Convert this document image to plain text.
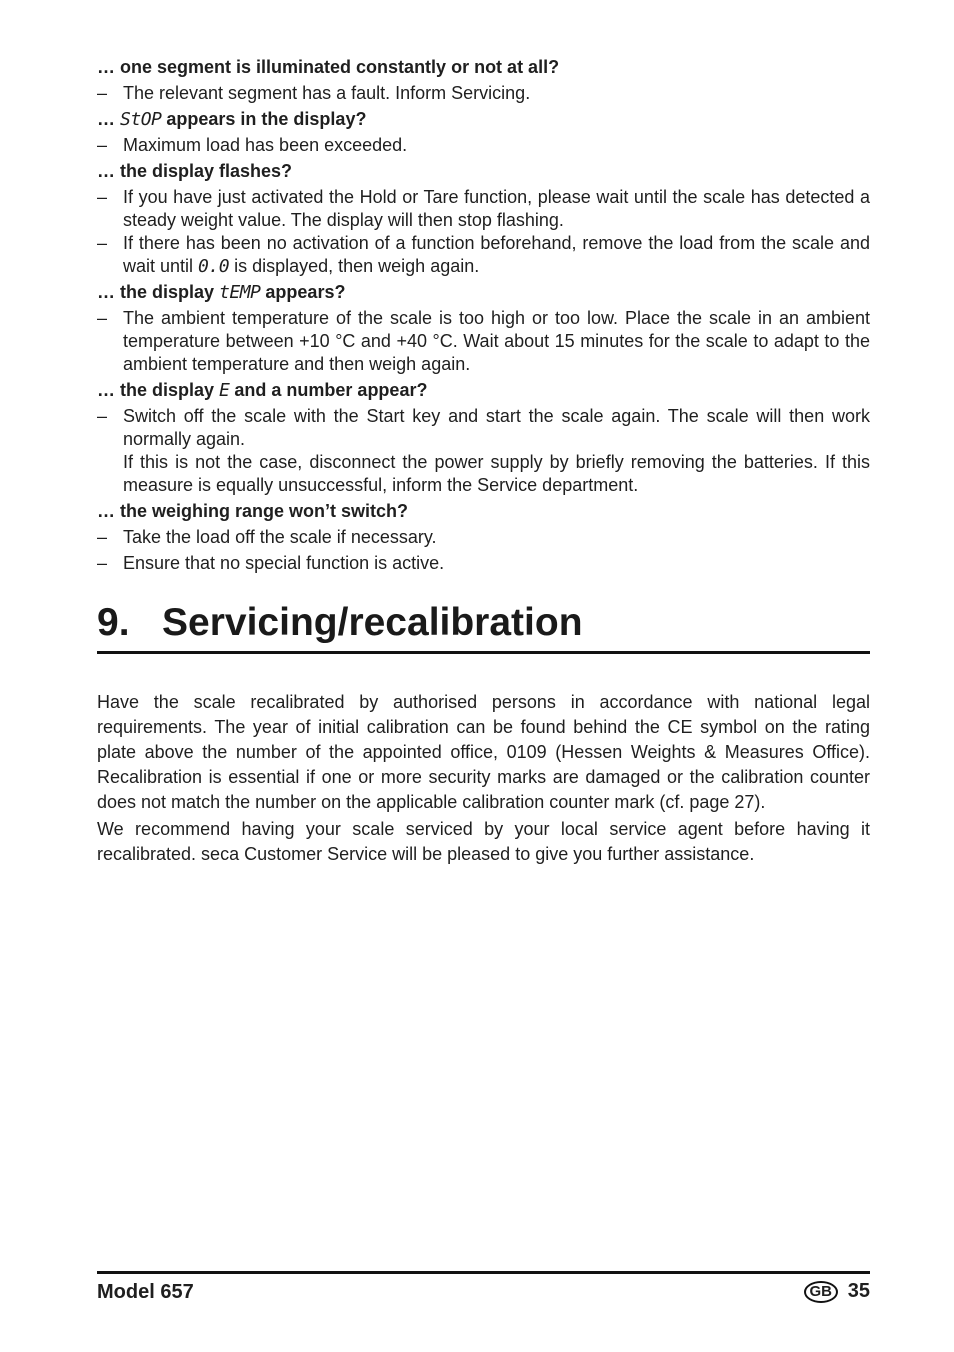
… one segment is illuminated constantly or not at all?

– The relevant segment has a fault. Inform Servicing.

… StOP appears in the display?

– Maximum load has been exceeded.

… the display flashes?

– If you have just activated the Hold or Tare function, please wait until the scale has detected a steady weight value. The display will then stop flashing.

– If there has been no activation of a function beforehand, remove the load from the scale and wait until 0.0 is displayed, then weigh again.

… the display tEMP appears?

– The ambient temperature of the scale is too high or too low. Place the scale in an ambient temperature between +10 °C and +40 °C. Wait about 15 minutes for the scale to adapt to the ambient temperature and then weigh again.

… the display E and a number appear?

– Switch off the scale with the Start key and start the scale again. The scale will then work normally again.
If this is not the case, disconnect the power supply by briefly removing the batteries. If this measure is equally unsuccessful, inform the Service department.

… the weighing range won’t switch?

– Take the load off the scale if necessary.

– Ensure that no special function is active.

9.   Servicing/recalibration

Have the scale recalibrated by authorised persons in accordance with national legal requirements. The year of initial calibration can be found behind the CE symbol on the rating plate above the number of the appointed office, 0109 (Hessen Weights & Measures Office). Recalibration is essential if one or more security marks are damaged or the calibration counter does not match the number on the applicable calibration counter mark (cf. page 27).

We recommend having your scale serviced by your local service agent before having it recalibrated. seca Customer Service will be pleased to give you further assistance.

Model 657	GB 35
